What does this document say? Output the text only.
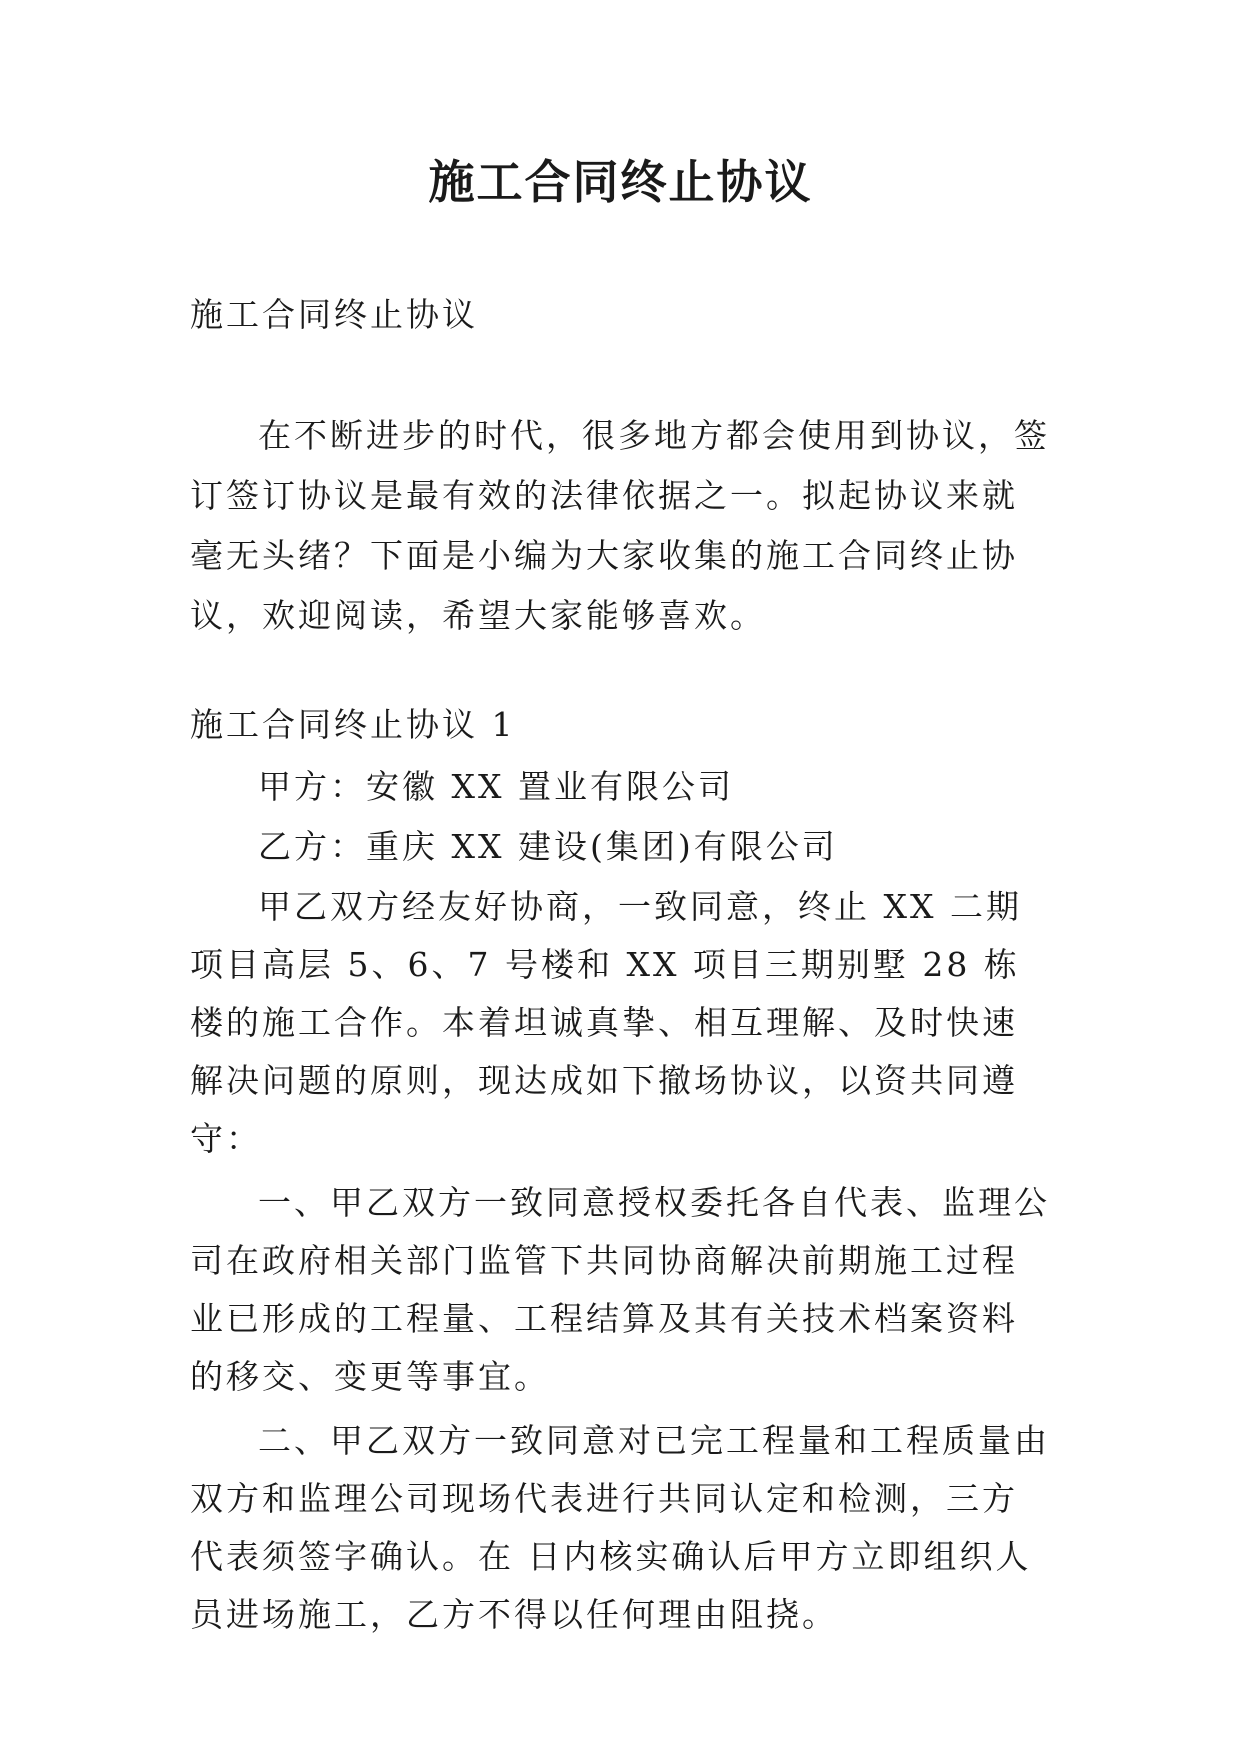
施工合同终止协议
施工合同终止协议

在不断进步的时代，很多地方都会使用到协议，签订签订协议是最有效的法律依据之一。拟起协议来就毫无头绪？下面是小编为大家收集的施工合同终止协议，欢迎阅读，希望大家能够喜欢。

施工合同终止协议 1

甲方：安徽 XX 置业有限公司

乙方：重庆 XX 建设(集团)有限公司

甲乙双方经友好协商，一致同意，终止 XX 二期项目高层 5、6、7 号楼和 XX 项目三期别墅 28 栋楼的施工合作。本着坦诚真挚、相互理解、及时快速解决问题的原则，现达成如下撤场协议，以资共同遵守：

一、甲乙双方一致同意授权委托各自代表、监理公司在政府相关部门监管下共同协商解决前期施工过程业已形成的工程量、工程结算及其有关技术档案资料的移交、变更等事宜。

二、甲乙双方一致同意对已完工程量和工程质量由双方和监理公司现场代表进行共同认定和检测，三方代表须签字确认。在 日内核实确认后甲方立即组织人员进场施工，乙方不得以任何理由阻挠。
